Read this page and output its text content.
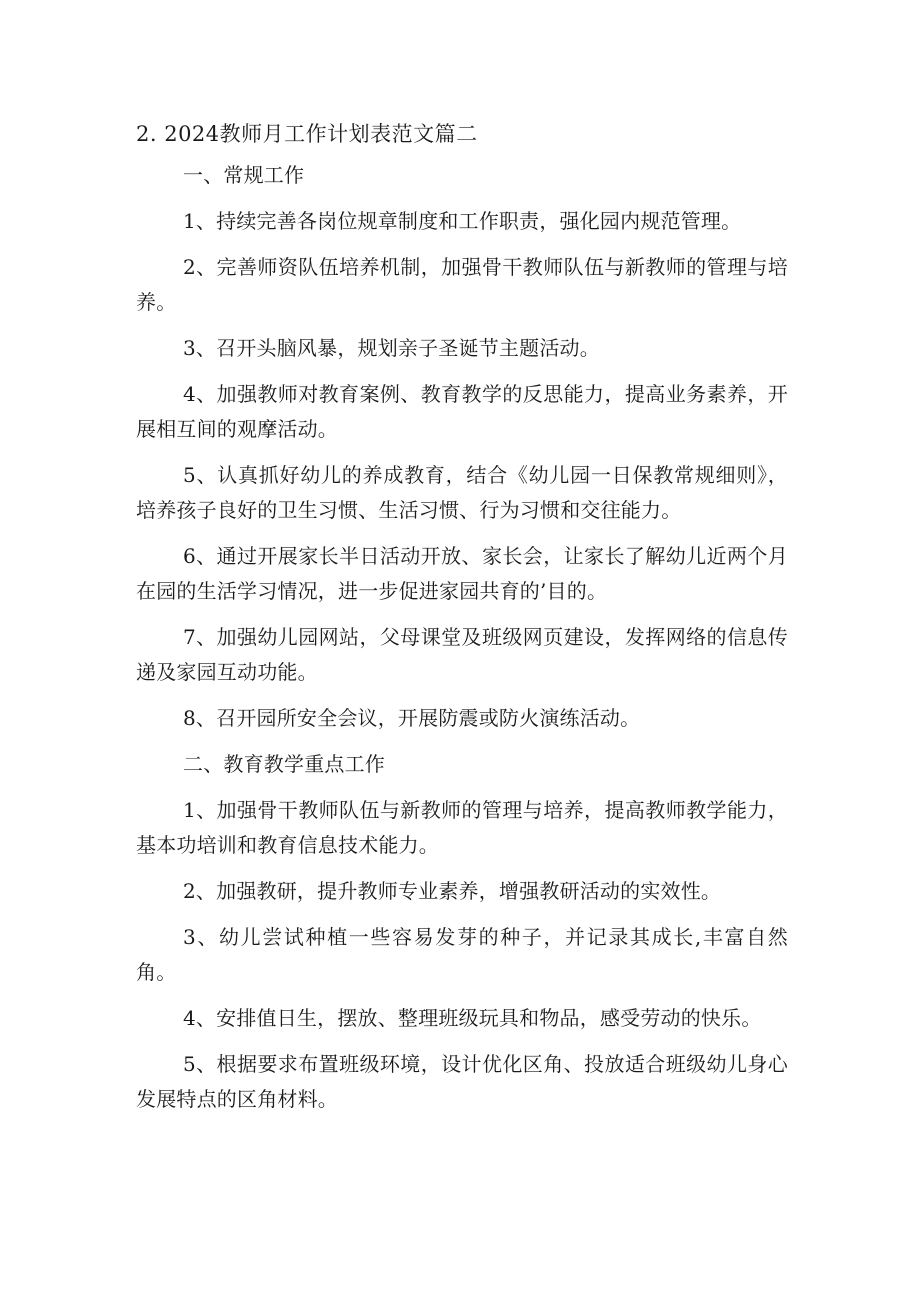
2. 2024教师月工作计划表范文篇二

一、常规工作

1、持续完善各岗位规章制度和工作职责，强化园内规范管理。

2、完善师资队伍培养机制，加强骨干教师队伍与新教师的管理与培养。

3、召开头脑风暴，规划亲子圣诞节主题活动。

4、加强教师对教育案例、教育教学的反思能力，提高业务素养，开展相互间的观摩活动。

5、认真抓好幼儿的养成教育，结合《幼儿园一日保教常规细则》，培养孩子良好的卫生习惯、生活习惯、行为习惯和交往能力。

6、通过开展家长半日活动开放、家长会，让家长了解幼儿近两个月在园的生活学习情况，进一步促进家园共育的’目的。

7、加强幼儿园网站，父母课堂及班级网页建设，发挥网络的信息传递及家园互动功能。

8、召开园所安全会议，开展防震或防火演练活动。

二、教育教学重点工作

1、加强骨干教师队伍与新教师的管理与培养，提高教师教学能力，基本功培训和教育信息技术能力。

2、加强教研，提升教师专业素养，增强教研活动的实效性。

3、幼儿尝试种植一些容易发芽的种子，并记录其成长,丰富自然角。

4、安排值日生，摆放、整理班级玩具和物品，感受劳动的快乐。

5、根据要求布置班级环境，设计优化区角、投放适合班级幼儿身心发展特点的区角材料。
